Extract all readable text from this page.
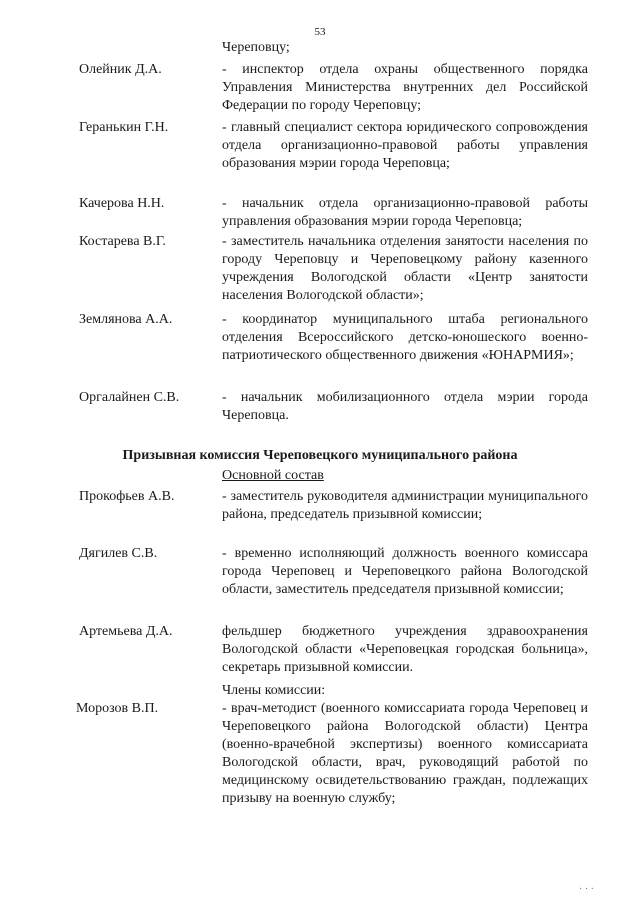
53
Череповцу;
Олейник Д.А.	- инспектор отдела охраны общественного порядка Управления Министерства внутренних дел Российской Федерации по городу Череповцу;
Геранькин Г.Н.	- главный специалист сектора юридического сопровождения отдела организационно-правовой работы управления образования мэрии города Череповца;
Качерова Н.Н.	- начальник отдела организационно-правовой работы управления образования мэрии города Череповца;
Костарева В.Г.	- заместитель начальника отделения занятости населения по городу Череповцу и Череповецкому району казенного учреждения Вологодской области «Центр занятости населения Вологодской области»;
Землянова А.А.	- координатор муниципального штаба регионального отделения Всероссийского детско-юношеского военно-патриотического общественного движения «ЮНАРМИЯ»;
Оргалайнен С.В.	- начальник мобилизационного отдела мэрии города Череповца.
Призывная комиссия Череповецкого муниципального района
Основной состав
Прокофьев А.В.	- заместитель руководителя администрации муниципального района, председатель призывной комиссии;
Дягилев С.В.	- временно исполняющий должность военного комиссара города Череповец и Череповецкого района Вологодской области, заместитель председателя призывной комиссии;
Артемьева Д.А.	фельдшер бюджетного учреждения здравоохранения Вологодской области «Череповецкая городская больница», секретарь призывной комиссии.
Члены комиссии:
Морозов В.П.	- врач-методист (военного комиссариата города Череповец и Череповецкого района Вологодской области) Центра (военно-врачебной экспертизы) военного комиссариата Вологодской области, врач, руководящий работой по медицинскому освидетельствованию граждан, подлежащих призыву на военную службу;
· · ·
